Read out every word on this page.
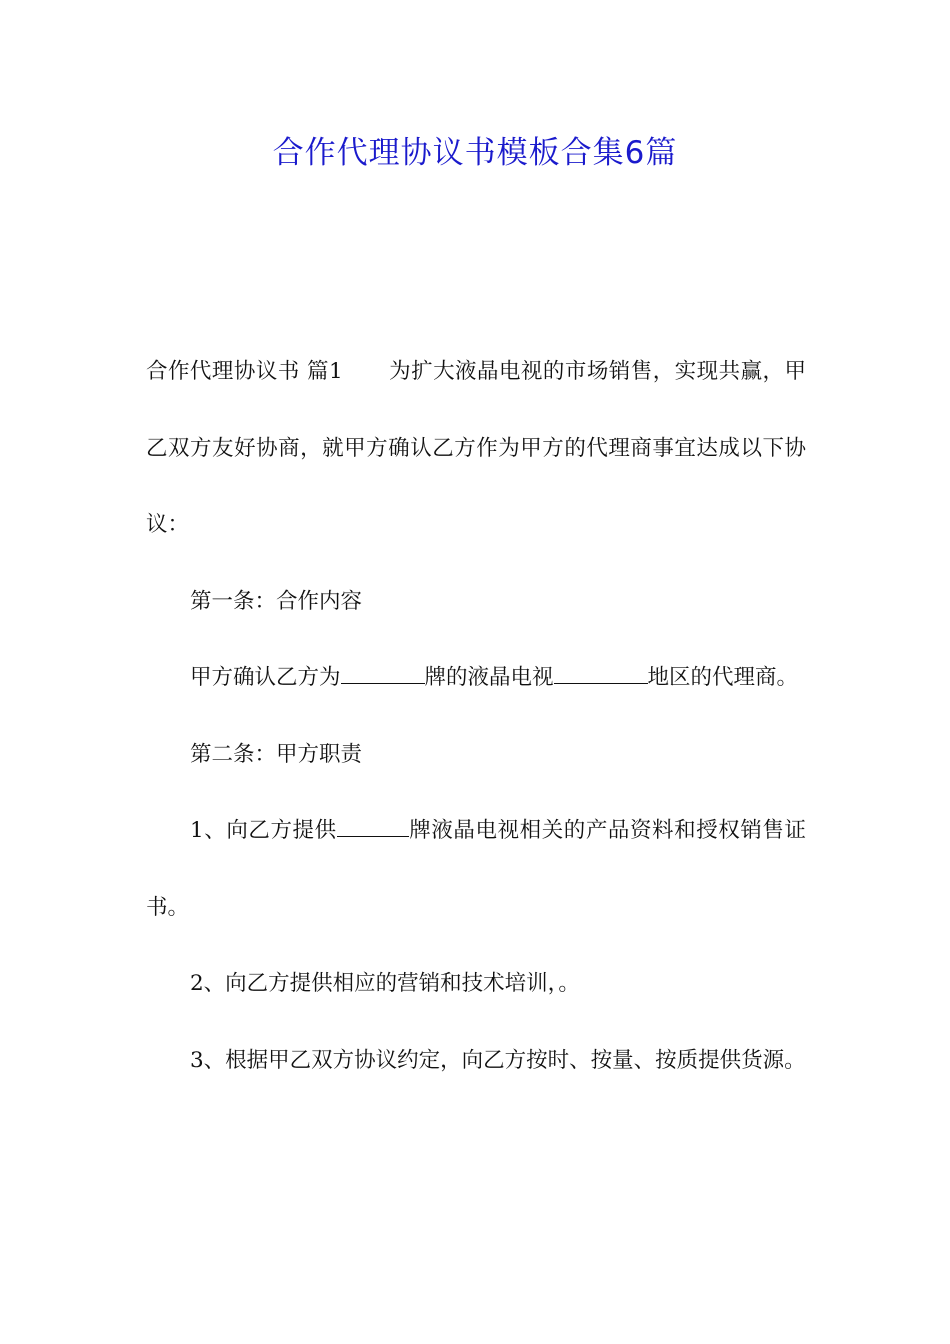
合作代理协议书模板合集6篇

合作代理协议书 篇1 为扩大液晶电视的市场销售，实现共赢，甲乙双方友好协商，就甲方确认乙方作为甲方的代理商事宜达成以下协议：

第一条：合作内容

甲方确认乙方为	牌的液晶电视	地区的代理商。

第二条：甲方职责

1、向乙方提供	牌液晶电视相关的产品资料和授权销售证书。

2、向乙方提供相应的营销和技术培训，。

3、根据甲乙双方协议约定，向乙方按时、按量、按质提供货源。
